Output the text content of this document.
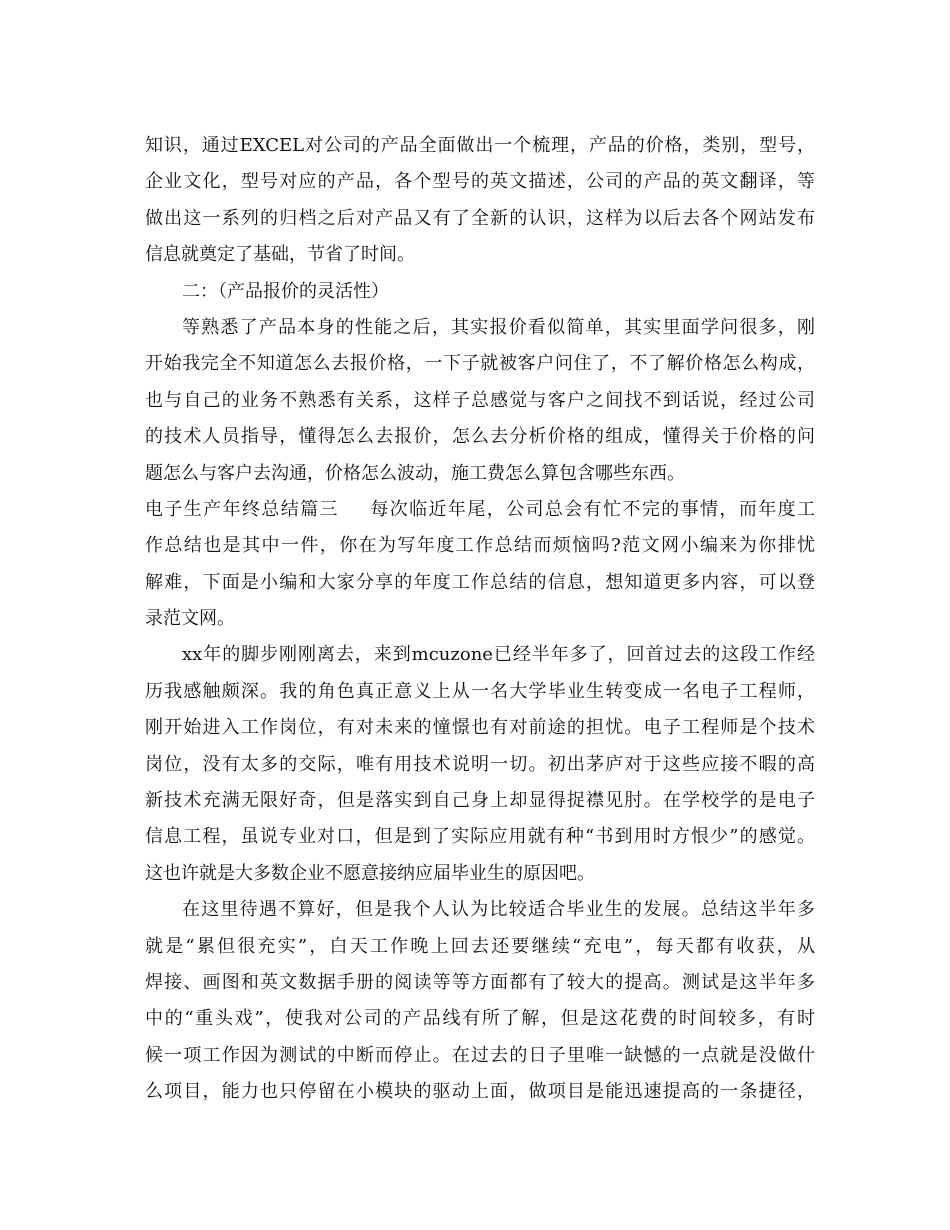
知识，通过EXCEL对公司的产品全面做出一个梳理，产品的价格，类别，型号，
企业文化，型号对应的产品，各个型号的英文描述，公司的产品的英文翻译，等
做出这一系列的归档之后对产品又有了全新的认识，这样为以后去各个网站发布
信息就奠定了基础，节省了时间。
二：（产品报价的灵活性）
等熟悉了产品本身的性能之后，其实报价看似简单，其实里面学问很多，刚
开始我完全不知道怎么去报价格，一下子就被客户问住了，不了解价格怎么构成，
也与自己的业务不熟悉有关系，这样子总感觉与客户之间找不到话说，经过公司
的技术人员指导，懂得怎么去报价，怎么去分析价格的组成，懂得关于价格的问
题怎么与客户去沟通，价格怎么波动，施工费怎么算包含哪些东西。
电子生产年终总结篇三 每次临近年尾，公司总会有忙不完的事情，而年度工
作总结也是其中一件，你在为写年度工作总结而烦恼吗?范文网小编来为你排忧
解难，下面是小编和大家分享的年度工作总结的信息，想知道更多内容，可以登
录范文网。
xx年的脚步刚刚离去，来到mcuzone已经半年多了，回首过去的这段工作经
历我感触颇深。我的角色真正意义上从一名大学毕业生转变成一名电子工程师，
刚开始进入工作岗位，有对未来的憧憬也有对前途的担忧。电子工程师是个技术
岗位，没有太多的交际，唯有用技术说明一切。初出茅庐对于这些应接不暇的高
新技术充满无限好奇，但是落实到自己身上却显得捉襟见肘。在学校学的是电子
信息工程，虽说专业对口，但是到了实际应用就有种“书到用时方恨少”的感觉。
这也许就是大多数企业不愿意接纳应届毕业生的原因吧。
在这里待遇不算好，但是我个人认为比较适合毕业生的发展。总结这半年多
就是“累但很充实”，白天工作晚上回去还要继续“充电”，每天都有收获，从
焊接、画图和英文数据手册的阅读等等方面都有了较大的提高。测试是这半年多
中的“重头戏”，使我对公司的产品线有所了解，但是这花费的时间较多，有时
候一项工作因为测试的中断而停止。在过去的日子里唯一缺憾的一点就是没做什
么项目，能力也只停留在小模块的驱动上面，做项目是能迅速提高的一条捷径，
